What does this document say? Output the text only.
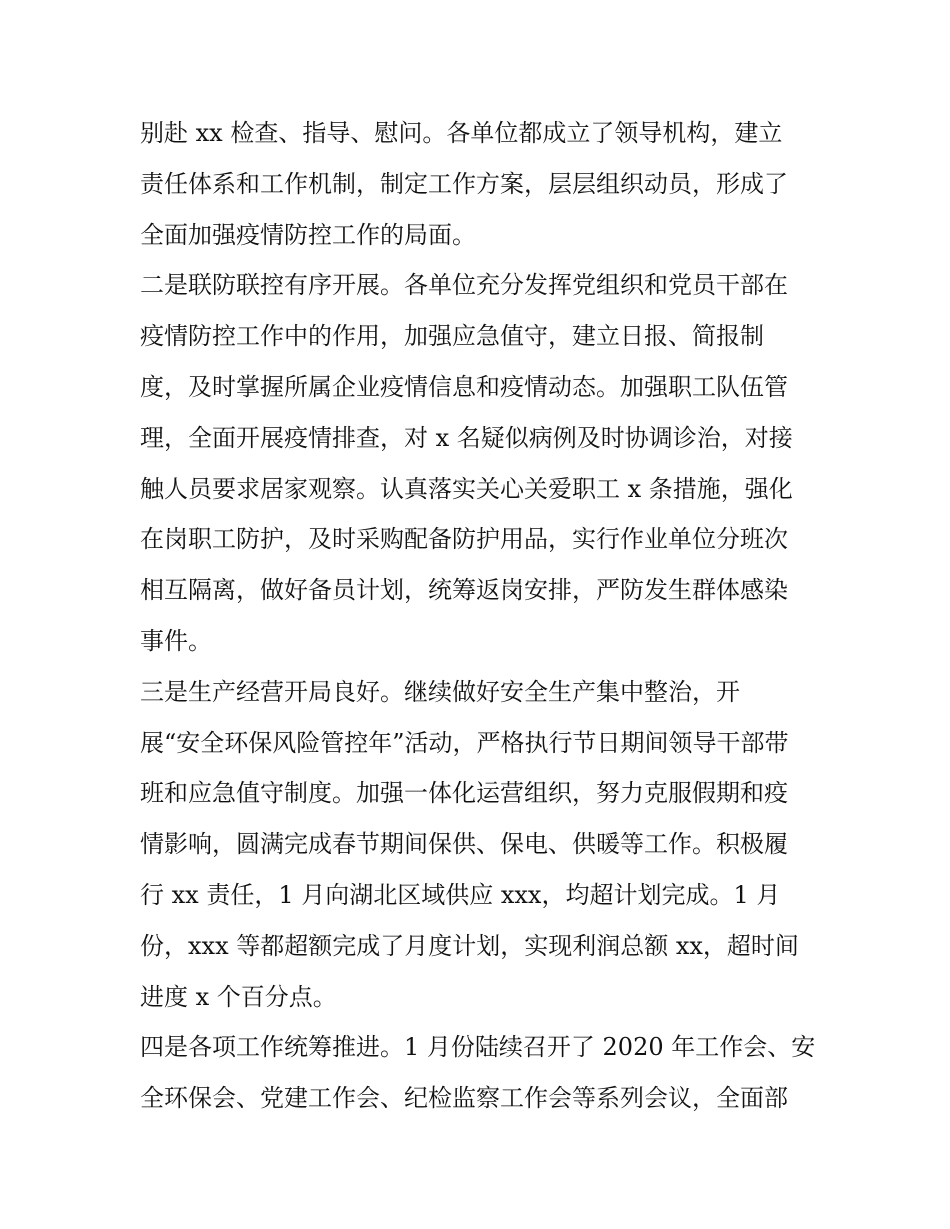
别赴 xx 检查、指导、慰问。各单位都成立了领导机构，建立
责任体系和工作机制，制定工作方案，层层组织动员，形成了
全面加强疫情防控工作的局面。
二是联防联控有序开展。各单位充分发挥党组织和党员干部在
疫情防控工作中的作用，加强应急值守，建立日报、简报制
度，及时掌握所属企业疫情信息和疫情动态。加强职工队伍管
理，全面开展疫情排查，对 x 名疑似病例及时协调诊治，对接
触人员要求居家观察。认真落实关心关爱职工 x 条措施，强化
在岗职工防护，及时采购配备防护用品，实行作业单位分班次
相互隔离，做好备员计划，统筹返岗安排，严防发生群体感染
事件。
三是生产经营开局良好。继续做好安全生产集中整治，开
展“安全环保风险管控年”活动，严格执行节日期间领导干部带
班和应急值守制度。加强一体化运营组织，努力克服假期和疫
情影响，圆满完成春节期间保供、保电、供暖等工作。积极履
行 xx 责任，1 月向湖北区域供应 xxx，均超计划完成。1 月
份，xxx 等都超额完成了月度计划，实现利润总额 xx，超时间
进度 x 个百分点。
四是各项工作统筹推进。1 月份陆续召开了 2020 年工作会、安
全环保会、党建工作会、纪检监察工作会等系列会议，全面部
